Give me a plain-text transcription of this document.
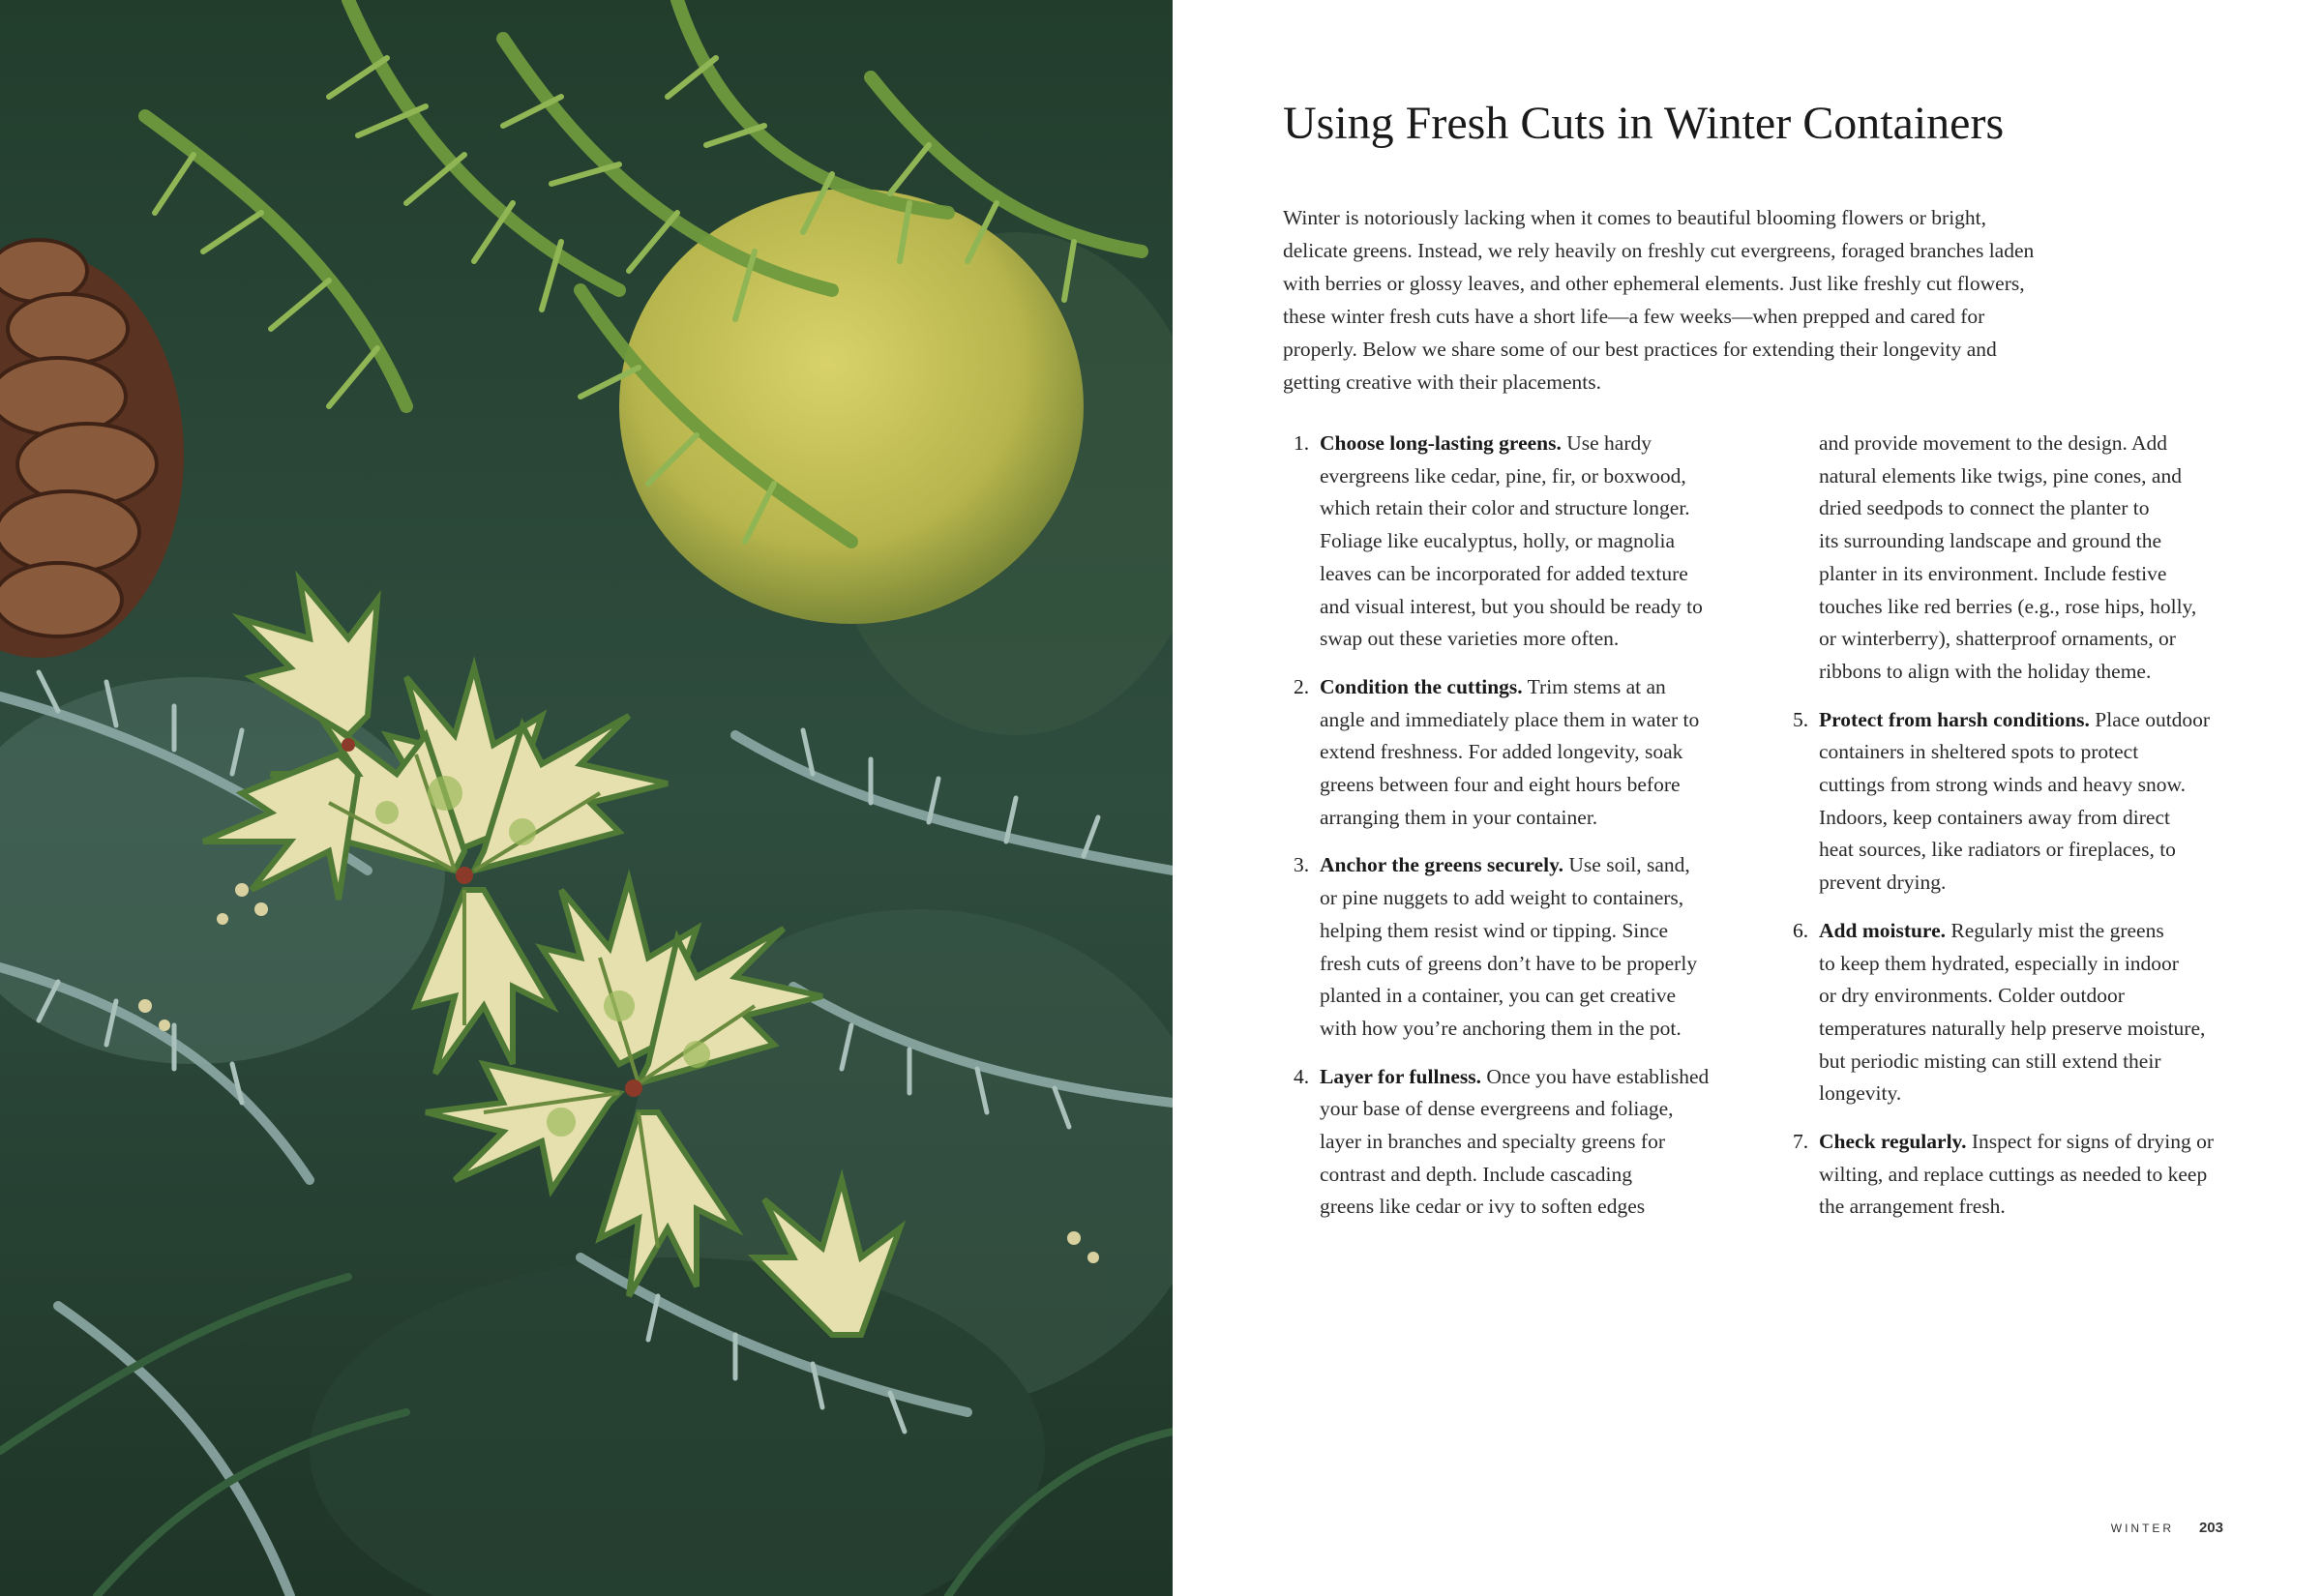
Using Fresh Cuts in Winter Containers

Winter is notoriously lacking when it comes to beautiful blooming flowers or bright,
delicate greens. Instead, we rely heavily on freshly cut evergreens, foraged branches laden
with berries or glossy leaves, and other ephemeral elements. Just like freshly cut flowers,
these winter fresh cuts have a short life—a few weeks—when prepped and cared for
properly. Below we share some of our best practices for extending their longevity and
getting creative with their placements.

1. Choose long-lasting greens. Use hardy
evergreens like cedar, pine, fir, or boxwood,
which retain their color and structure longer.
Foliage like eucalyptus, holly, or magnolia
leaves can be incorporated for added texture
and visual interest, but you should be ready to
swap out these varieties more often.
2. Condition the cuttings. Trim stems at an
angle and immediately place them in water to
extend freshness. For added longevity, soak
greens between four and eight hours before
arranging them in your container.
3. Anchor the greens securely. Use soil, sand,
or pine nuggets to add weight to containers,
helping them resist wind or tipping. Since
fresh cuts of greens don’t have to be properly
planted in a container, you can get creative
with how you’re anchoring them in the pot.
4. Layer for fullness. Once you have established
your base of dense evergreens and foliage,
layer in branches and specialty greens for
contrast and depth. Include cascading
greens like cedar or ivy to soften edges
and provide movement to the design. Add
natural elements like twigs, pine cones, and
dried seedpods to connect the planter to
its surrounding landscape and ground the
planter in its environment. Include festive
touches like red berries (e.g., rose hips, holly,
or winterberry), shatterproof ornaments, or
ribbons to align with the holiday theme.
5. Protect from harsh conditions. Place outdoor
containers in sheltered spots to protect
cuttings from strong winds and heavy snow.
Indoors, keep containers away from direct
heat sources, like radiators or fireplaces, to
prevent drying.
6. Add moisture. Regularly mist the greens
to keep them hydrated, especially in indoor
or dry environments. Colder outdoor
temperatures naturally help preserve moisture,
but periodic misting can still extend their
longevity.
7. Check regularly. Inspect for signs of drying or
wilting, and replace cuttings as needed to keep
the arrangement fresh.
WINTER 203
